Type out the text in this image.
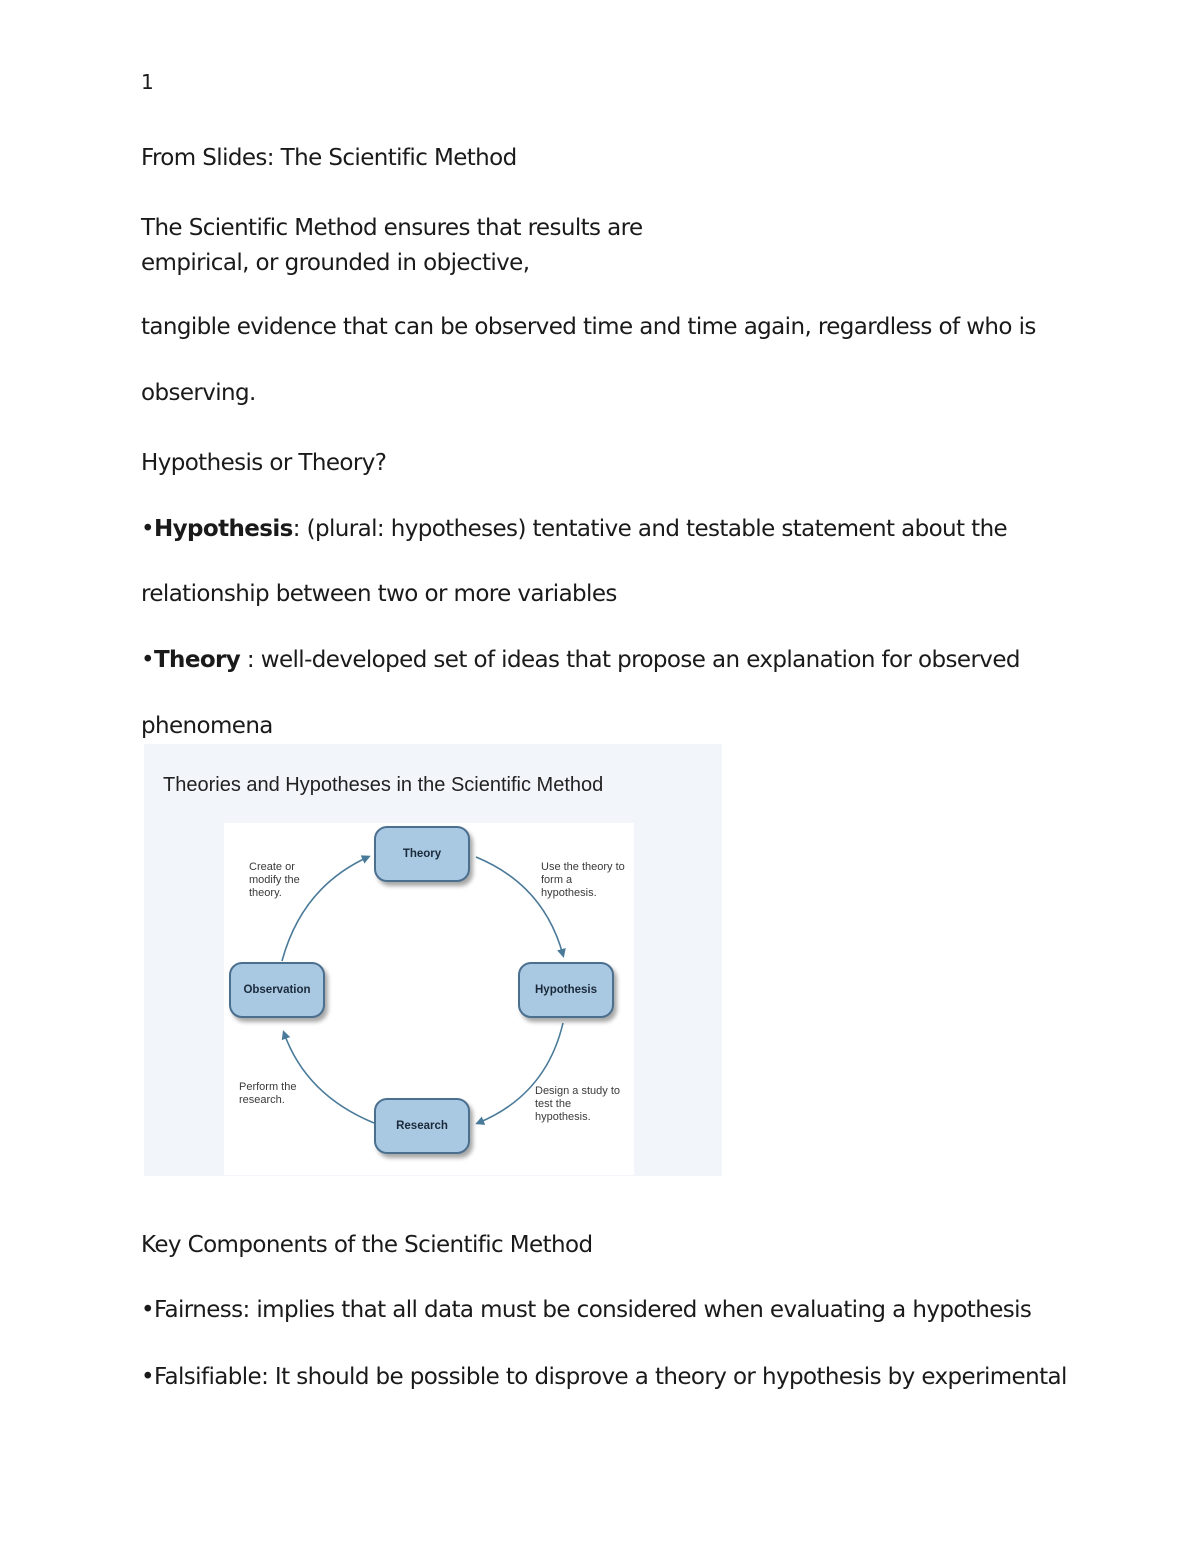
1
From Slides: The Scientific Method
The Scientific Method ensures that results are
empirical, or grounded in objective,
tangible evidence that can be observed time and time again, regardless of who is
observing.
Hypothesis or Theory?
•Hypothesis: (plural: hypotheses) tentative and testable statement about the
relationship between two or more variables
•Theory : well-developed set of ideas that propose an explanation for observed
phenomena
Theories and Hypotheses in the Scientific Method
Theory
Hypothesis
Research
Observation
Create or modify the theory.
Use the theory to form a hypothesis.
Design a study to test the hypothesis.
Perform the research.
Key Components of the Scientific Method
•Fairness: implies that all data must be considered when evaluating a hypothesis
•Falsifiable: It should be possible to disprove a theory or hypothesis by experimental
